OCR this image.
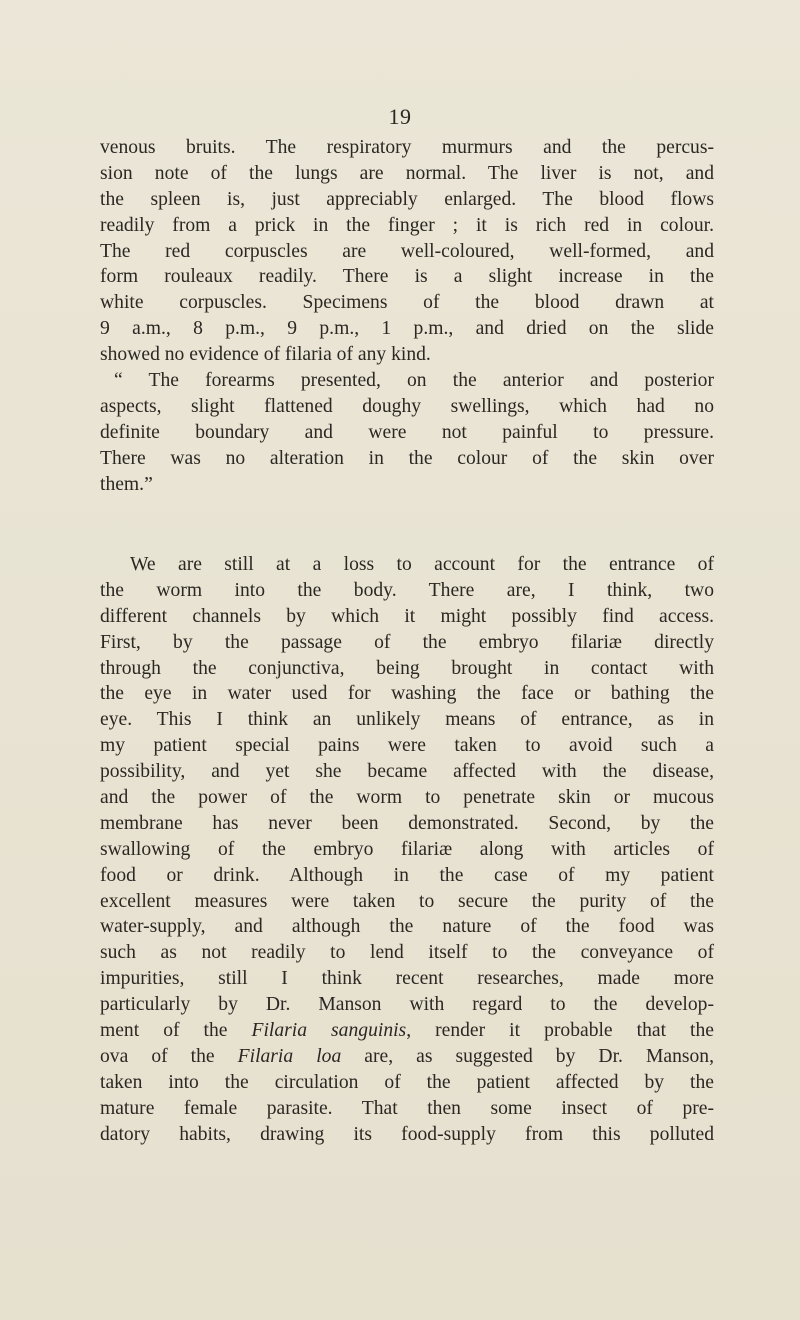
19
venous bruits. The respiratory murmurs and the percus-
sion note of the lungs are normal. The liver is not, and
the spleen is, just appreciably enlarged. The blood flows
readily from a prick in the finger ; it is rich red in colour.
The red corpuscles are well-coloured, well-formed, and
form rouleaux readily. There is a slight increase in the
white corpuscles. Specimens of the blood drawn at
9 a.m., 8 p.m., 9 p.m., 1 p.m., and dried on the slide
showed no evidence of filaria of any kind.
“ The forearms presented, on the anterior and posterior
aspects, slight flattened doughy swellings, which had no
definite boundary and were not painful to pressure.
There was no alteration in the colour of the skin over
them.”
We are still at a loss to account for the entrance of
the worm into the body. There are, I think, two
different channels by which it might possibly find access.
First, by the passage of the embryo filariæ directly
through the conjunctiva, being brought in contact with
the eye in water used for washing the face or bathing the
eye. This I think an unlikely means of entrance, as in
my patient special pains were taken to avoid such a
possibility, and yet she became affected with the disease,
and the power of the worm to penetrate skin or mucous
membrane has never been demonstrated. Second, by the
swallowing of the embryo filariæ along with articles of
food or drink. Although in the case of my patient
excellent measures were taken to secure the purity of the
water-supply, and although the nature of the food was
such as not readily to lend itself to the conveyance of
impurities, still I think recent researches, made more
particularly by Dr. Manson with regard to the develop-
ment of the Filaria sanguinis, render it probable that the
ova of the Filaria loa are, as suggested by Dr. Manson,
taken into the circulation of the patient affected by the
mature female parasite. That then some insect of pre-
datory habits, drawing its food-supply from this polluted
